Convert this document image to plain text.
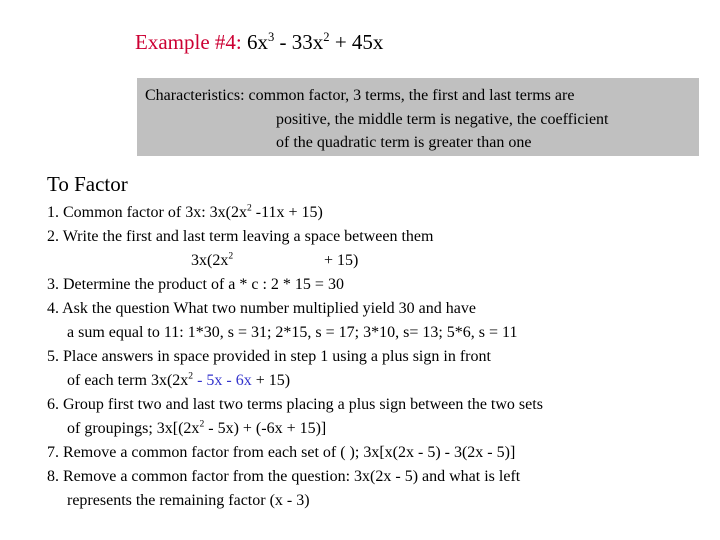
Example #4: $6x^3 - 33x^2 + 45x$
Characteristics: common factor, 3 terms, the first and last terms are
positive, the middle term is negative, the coefficient
of the quadratic term is greater than one
To Factor
1. Common factor of 3x: $3x(2x^2$ -11x + 15)
2. Write the first and last term leaving a space between them
$3x(2x^2$	+ 15)
3. Determine the product of a * c : 2 * 15 = 30
4. Ask the question What two number multiplied yield 30 and have
a sum equal to 11: 1*30, s = 31; 2*15, s = 17; 3*10, s= 13; 5*6, s = 11
5. Place answers in space provided in step 1 using a plus sign in front
of each term $3x(2x^2 - 5x - 6x + 15)$
6. Group first two and last two terms placing a plus sign between the two sets
of groupings; $3x[(2x^2 - 5x) + (-6x + 15)]$
7. Remove a common factor from each set of ( ); 3x[x(2x - 5) - 3(2x - 5)]
8. Remove a common factor from the question: 3x(2x - 5) and what is left
represents the remaining factor (x - 3)
